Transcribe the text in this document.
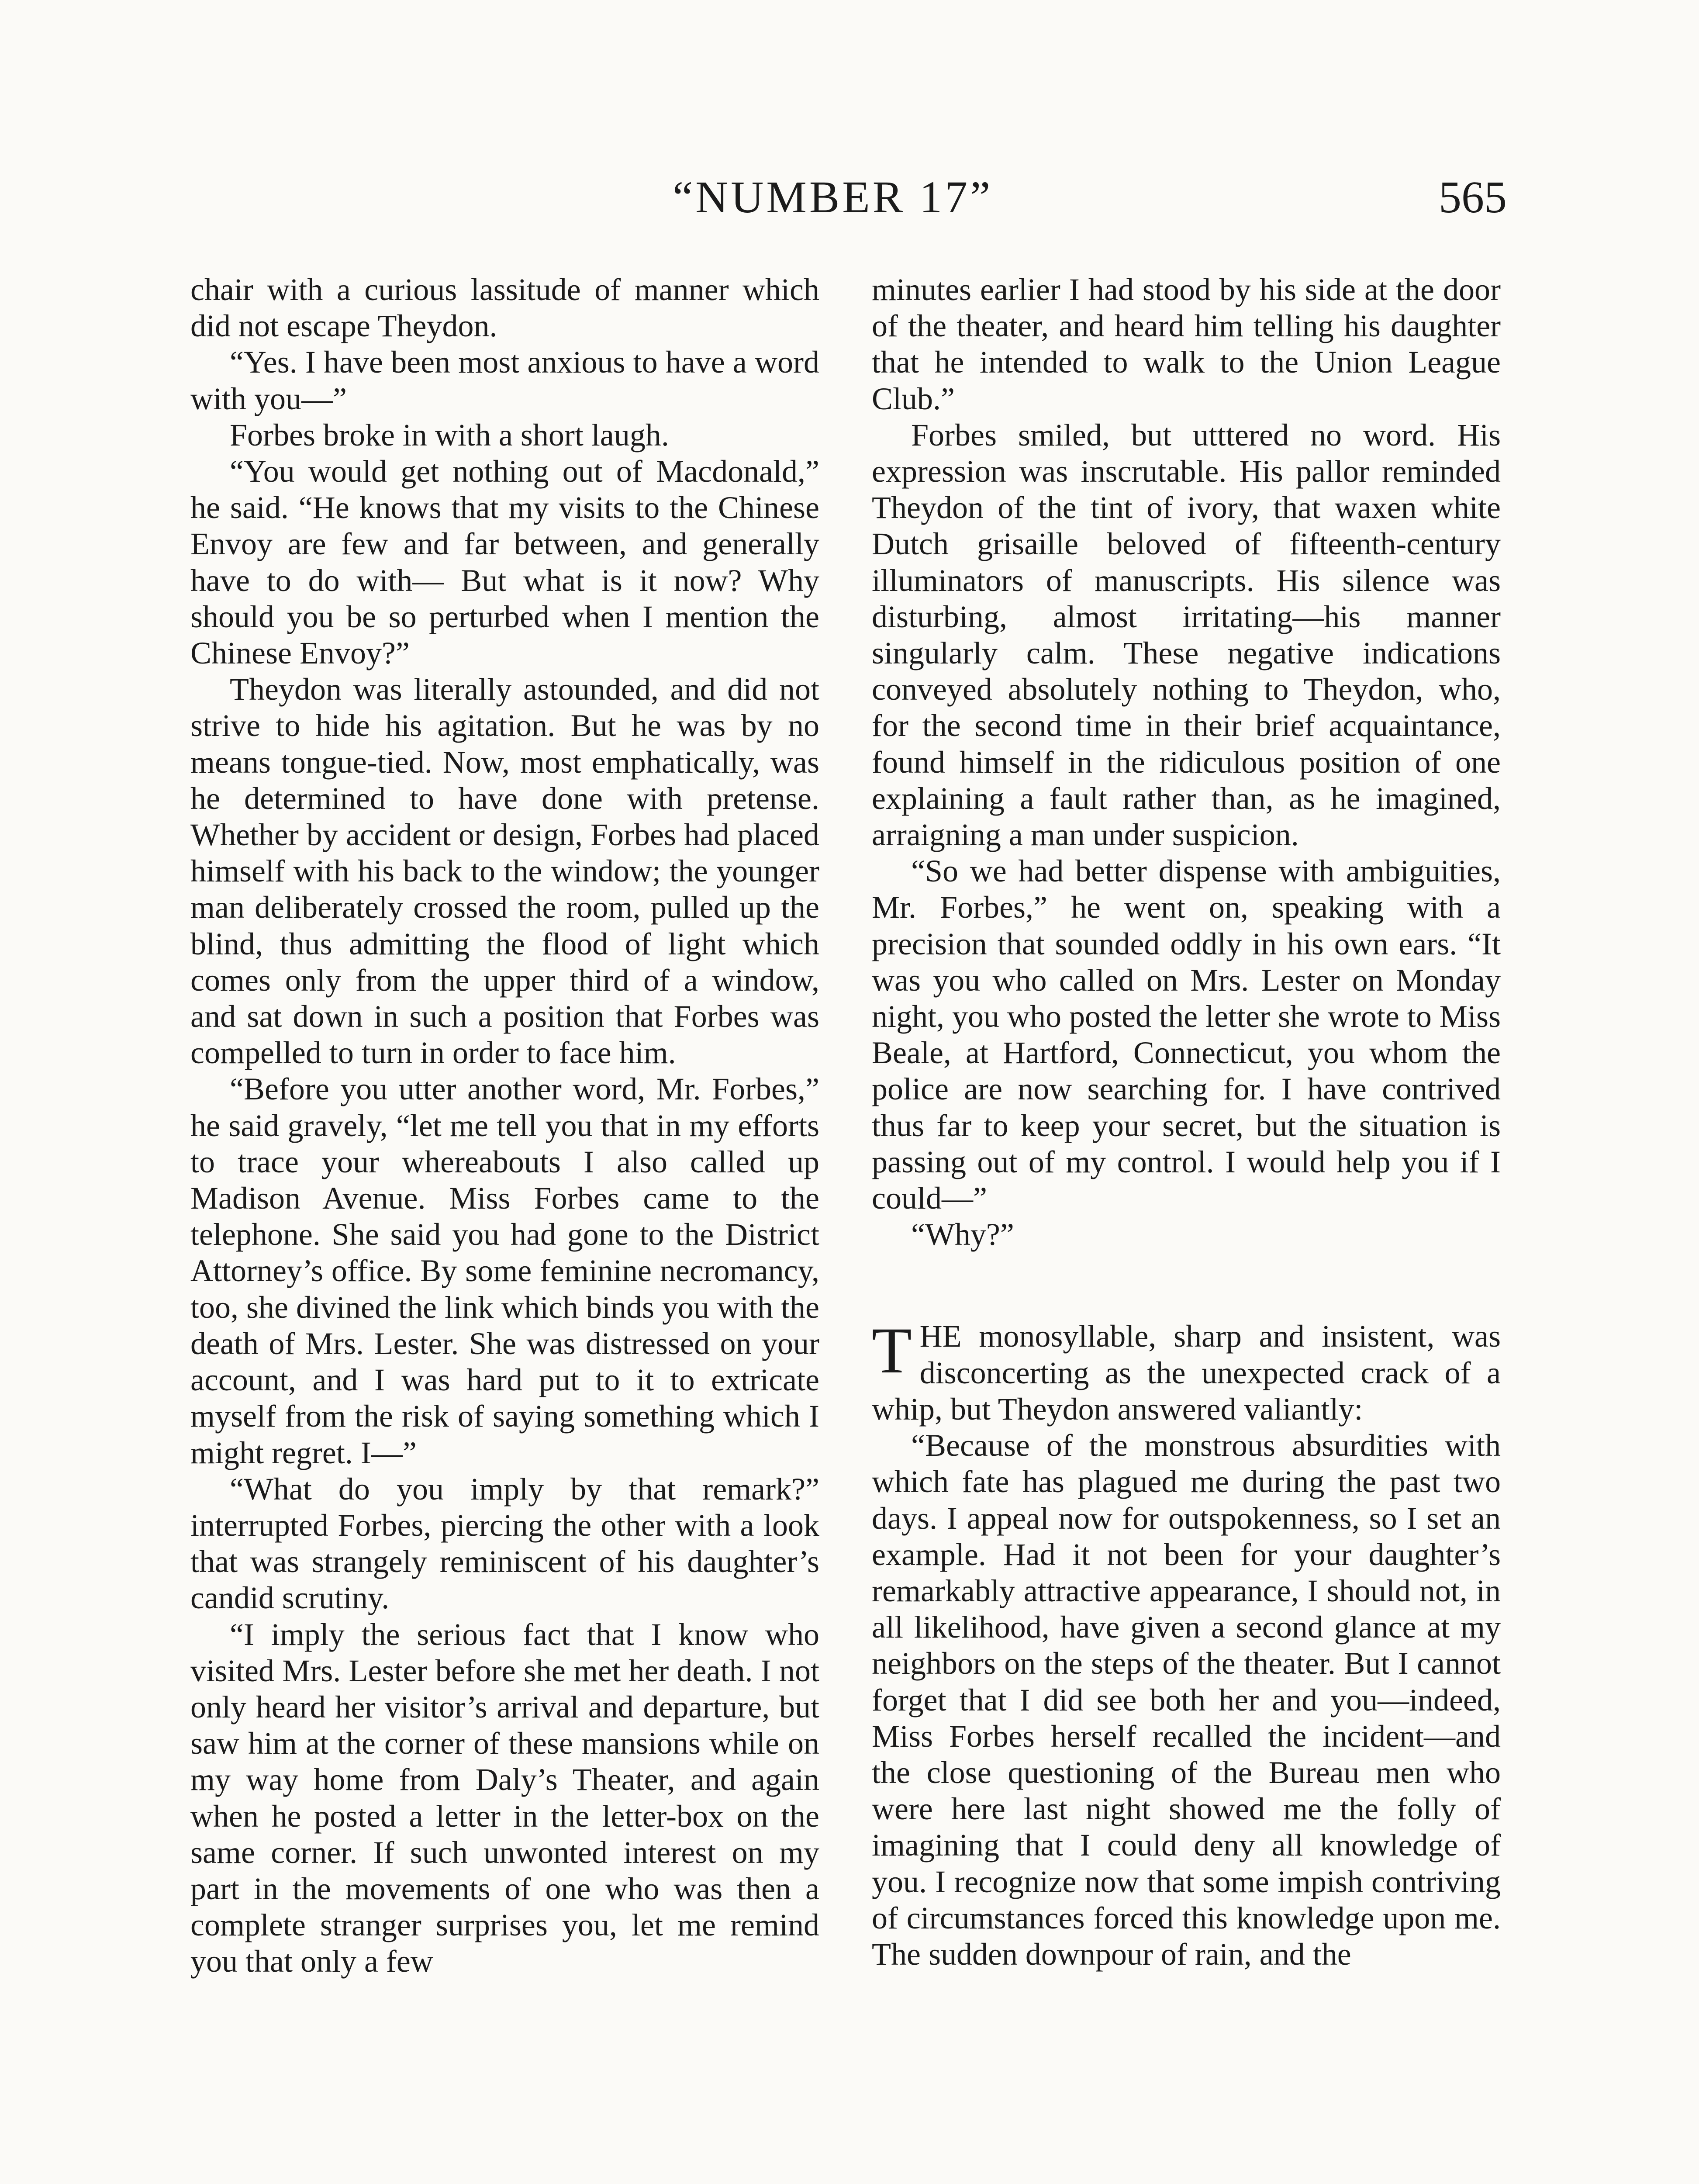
“NUMBER 17”	565

chair with a curious lassitude of manner which did not escape Theydon.

“Yes. I have been most anxious to have a word with you—”

Forbes broke in with a short laugh.

“You would get nothing out of Macdonald,” he said. “He knows that my visits to the Chinese Envoy are few and far between, and generally have to do with— But what is it now? Why should you be so perturbed when I mention the Chinese Envoy?”

Theydon was literally astounded, and did not strive to hide his agitation. But he was by no means tongue-tied. Now, most emphatically, was he determined to have done with pretense. Whether by accident or design, Forbes had placed himself with his back to the window; the younger man deliberately crossed the room, pulled up the blind, thus admitting the flood of light which comes only from the upper third of a window, and sat down in such a position that Forbes was compelled to turn in order to face him.

“Before you utter another word, Mr. Forbes,” he said gravely, “let me tell you that in my efforts to trace your whereabouts I also called up Madison Avenue. Miss Forbes came to the telephone. She said you had gone to the District Attorney’s office. By some feminine necromancy, too, she divined the link which binds you with the death of Mrs. Lester. She was distressed on your account, and I was hard put to it to extricate myself from the risk of saying something which I might regret. I—”

“What do you imply by that remark?” interrupted Forbes, piercing the other with a look that was strangely reminiscent of his daughter’s candid scrutiny.

“I imply the serious fact that I know who visited Mrs. Lester before she met her death. I not only heard her visitor’s arrival and departure, but saw him at the corner of these mansions while on my way home from Daly’s Theater, and again when he posted a letter in the letter-box on the same corner. If such unwonted interest on my part in the movements of one who was then a complete stranger surprises you, let me remind you that only a few

minutes earlier I had stood by his side at the door of the theater, and heard him telling his daughter that he intended to walk to the Union League Club.”

Forbes smiled, but utttered no word. His expression was inscrutable. His pallor reminded Theydon of the tint of ivory, that waxen white Dutch grisaille beloved of fifteenth-century illuminators of manuscripts. His silence was disturbing, almost irritating—his manner singularly calm. These negative indications conveyed absolutely nothing to Theydon, who, for the second time in their brief acquaintance, found himself in the ridiculous position of one explaining a fault rather than, as he imagined, arraigning a man under suspicion.

“So we had better dispense with ambiguities, Mr. Forbes,” he went on, speaking with a precision that sounded oddly in his own ears. “It was you who called on Mrs. Lester on Monday night, you who posted the letter she wrote to Miss Beale, at Hartford, Connecticut, you whom the police are now searching for. I have contrived thus far to keep your secret, but the situation is passing out of my control. I would help you if I could—”

“Why?”

THE monosyllable, sharp and insistent, was disconcerting as the unexpected crack of a whip, but Theydon answered valiantly:

“Because of the monstrous absurdities with which fate has plagued me during the past two days. I appeal now for outspokenness, so I set an example. Had it not been for your daughter’s remarkably attractive appearance, I should not, in all likelihood, have given a second glance at my neighbors on the steps of the theater. But I cannot forget that I did see both her and you—indeed, Miss Forbes herself recalled the incident—and the close questioning of the Bureau men who were here last night showed me the folly of imagining that I could deny all knowledge of you. I recognize now that some impish contriving of circumstances forced this knowledge upon me. The sudden downpour of rain, and the
